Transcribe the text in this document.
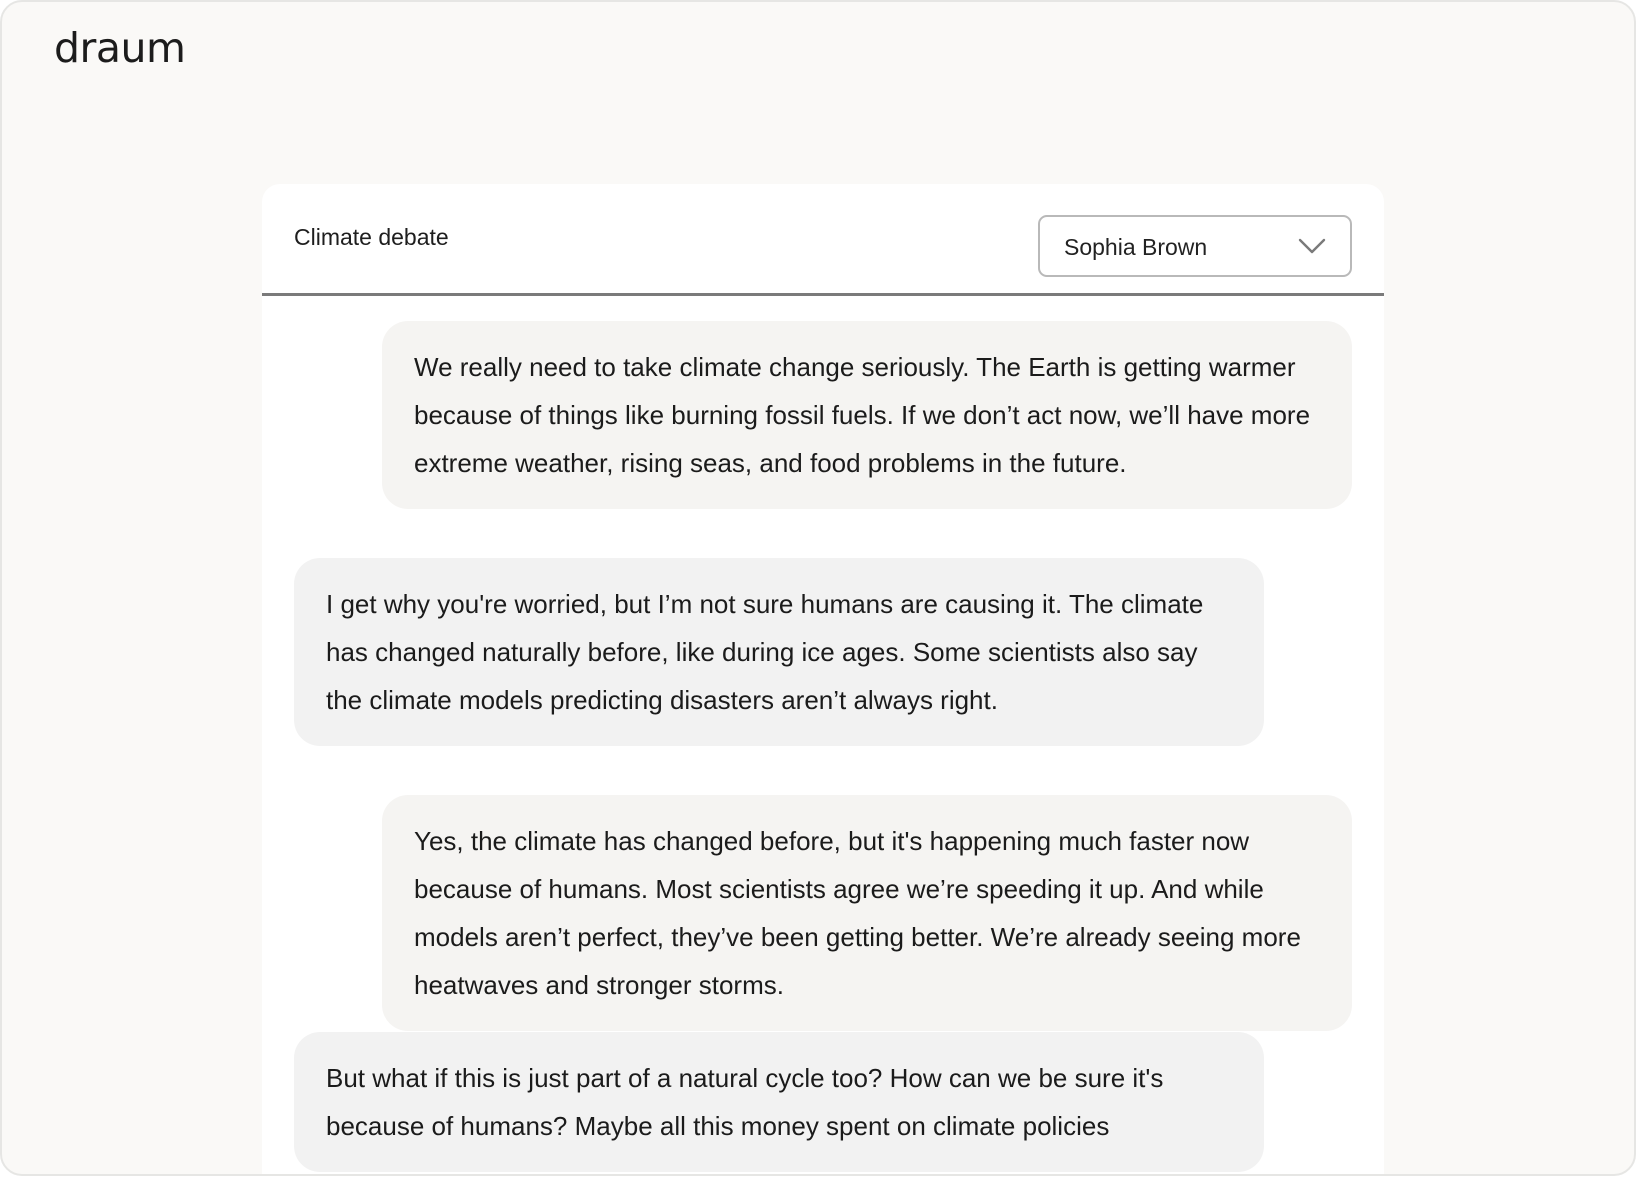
draum
Climate debate	Sophia Brown
We really need to take climate change seriously. The Earth is getting warmer because of things like burning fossil fuels. If we don’t act now, we’ll have more extreme weather, rising seas, and food problems in the future.
I get why you're worried, but I’m not sure humans are causing it. The climate has changed naturally before, like during ice ages. Some scientists also say the climate models predicting disasters aren’t always right.
Yes, the climate has changed before, but it's happening much faster now because of humans. Most scientists agree we’re speeding it up. And while models aren’t perfect, they’ve been getting better. We’re already seeing more heatwaves and stronger storms.
But what if this is just part of a natural cycle too? How can we be sure it's because of humans? Maybe all this money spent on climate policies
